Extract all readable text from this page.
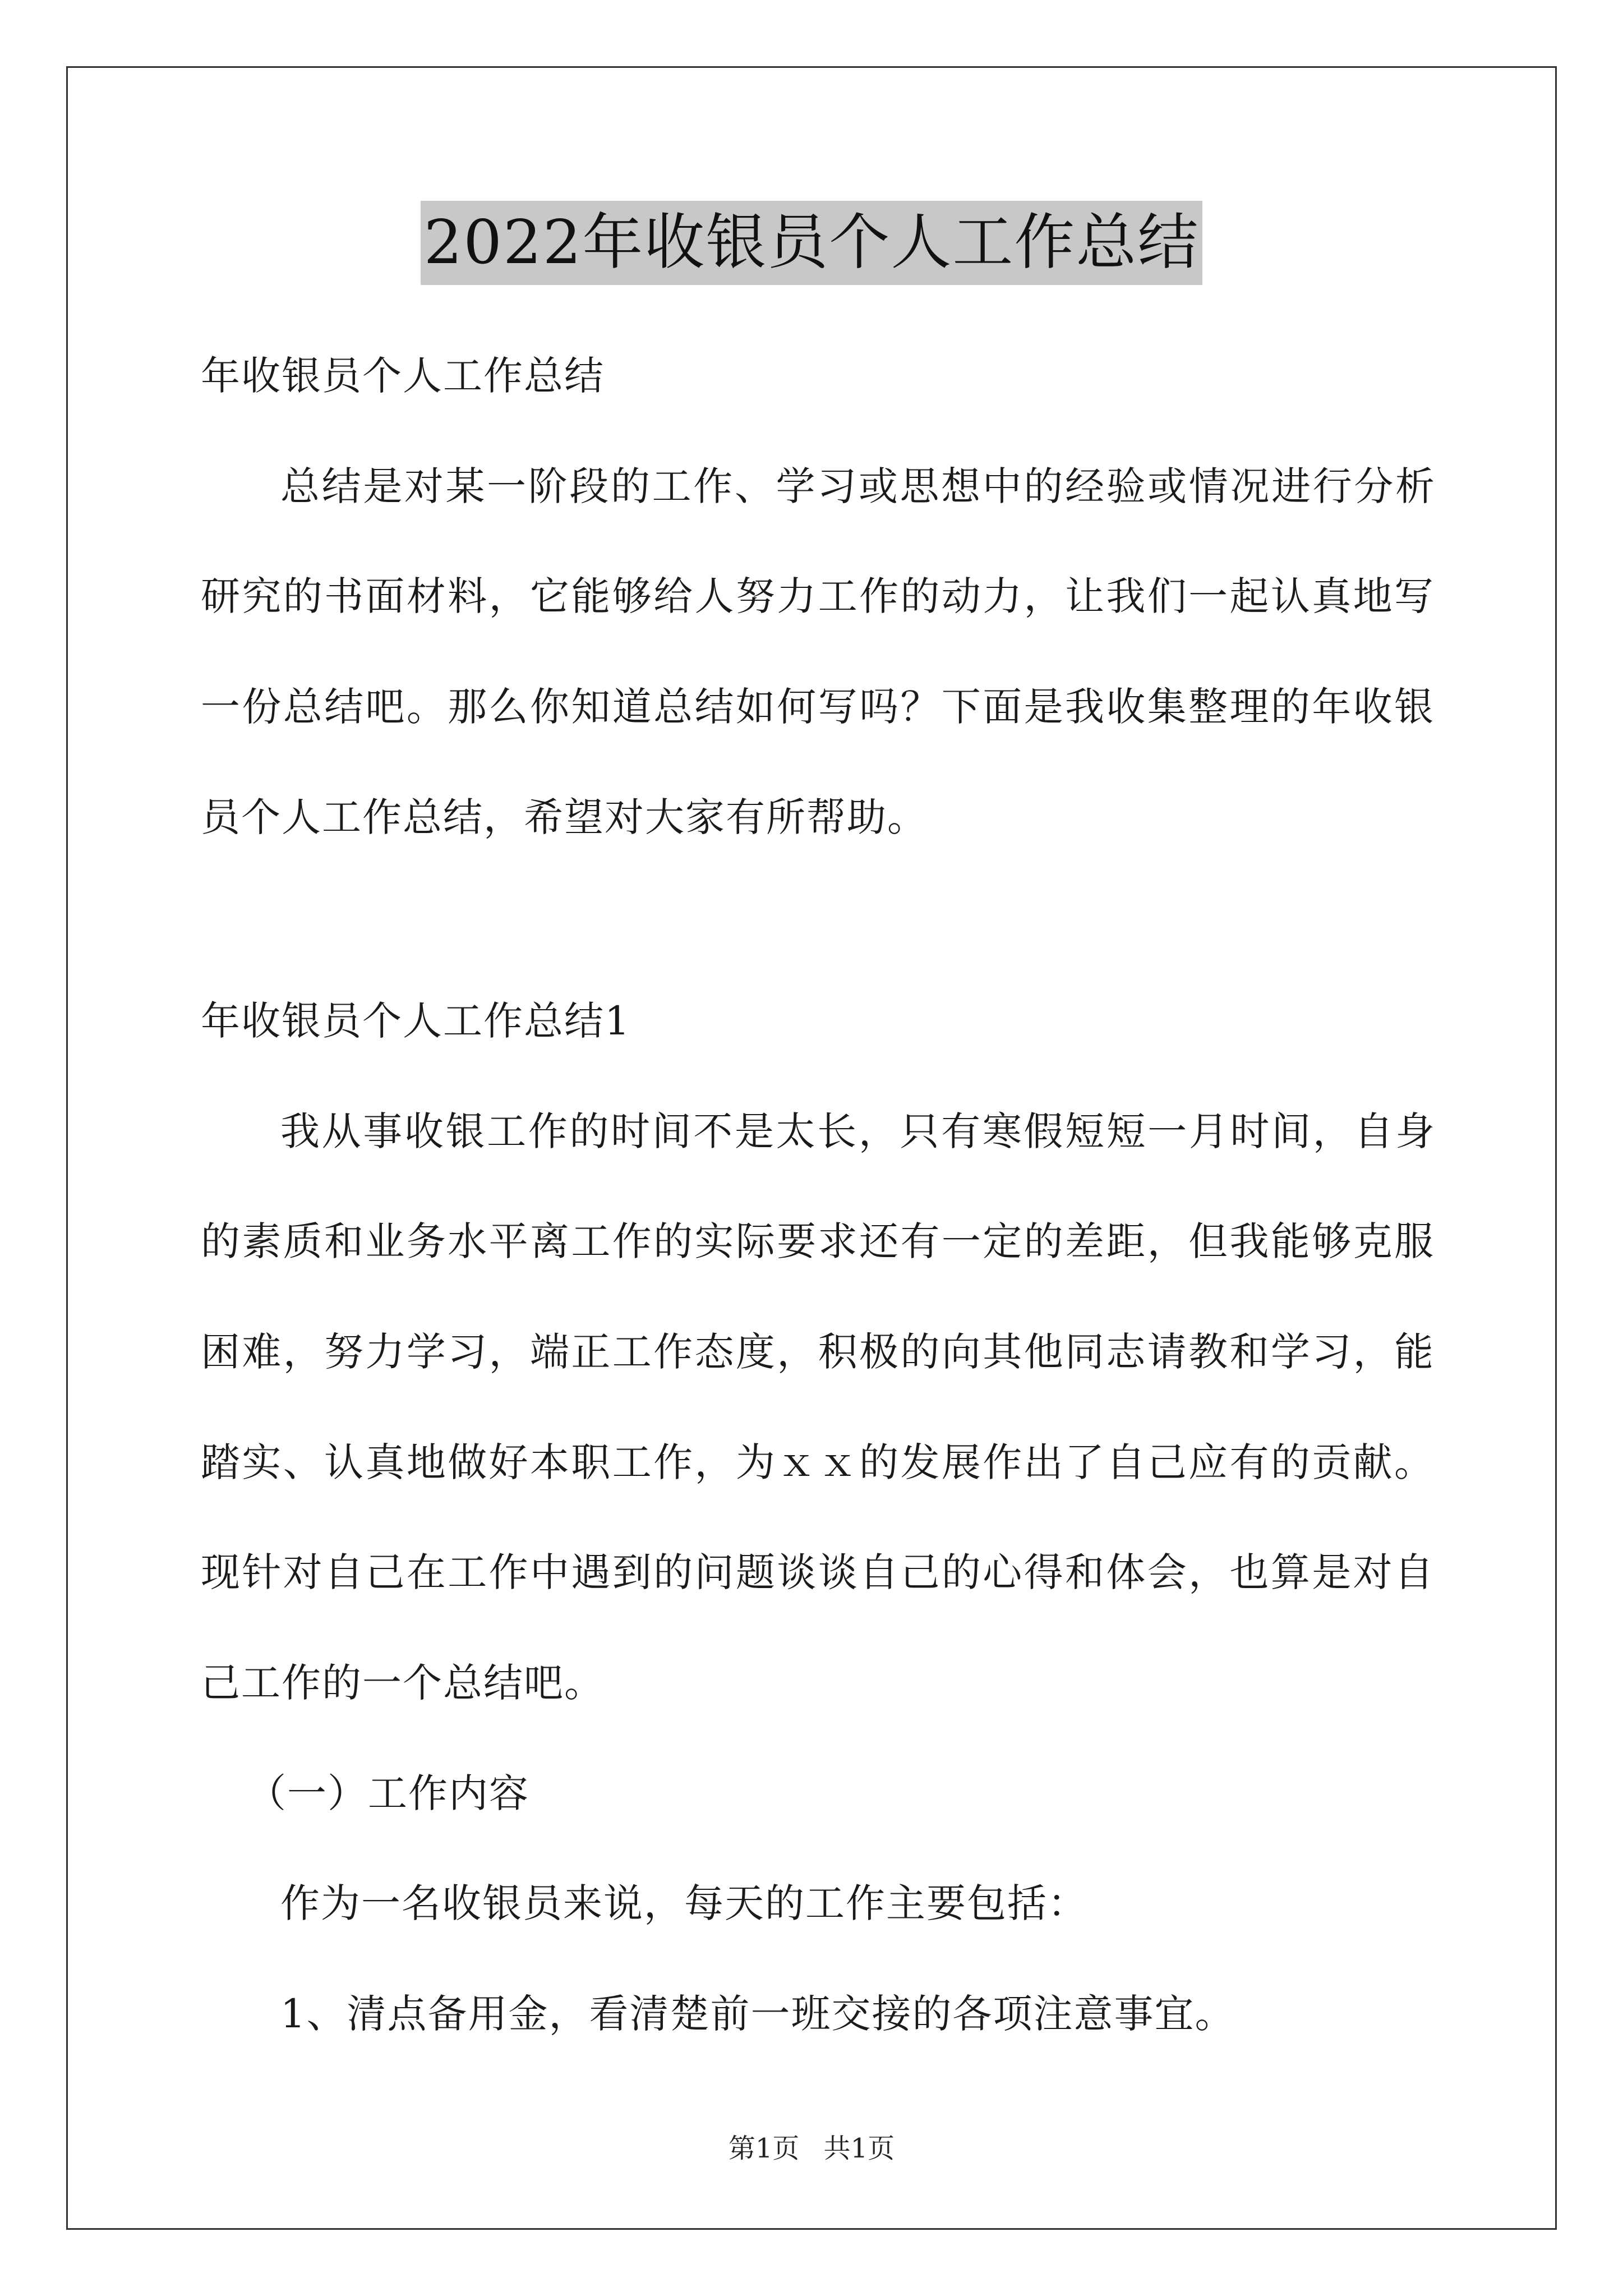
2022年收银员个人工作总结
年收银员个人工作总结
总结是对某一阶段的工作、学习或思想中的经验或情况进行分析
研究的书面材料，它能够给人努力工作的动力，让我们一起认真地写
一份总结吧。那么你知道总结如何写吗？下面是我收集整理的年收银
员个人工作总结，希望对大家有所帮助。
年收银员个人工作总结1
我从事收银工作的时间不是太长，只有寒假短短一月时间，自身
的素质和业务水平离工作的实际要求还有一定的差距，但我能够克服
困难，努力学习，端正工作态度，积极的向其他同志请教和学习，能
踏实、认真地做好本职工作，为ｘｘ的发展作出了自己应有的贡献。
现针对自己在工作中遇到的问题谈谈自己的心得和体会，也算是对自
己工作的一个总结吧。
（一）工作内容
作为一名收银员来说，每天的工作主要包括：
1、清点备用金，看清楚前一班交接的各项注意事宜。
第1页 共1页
